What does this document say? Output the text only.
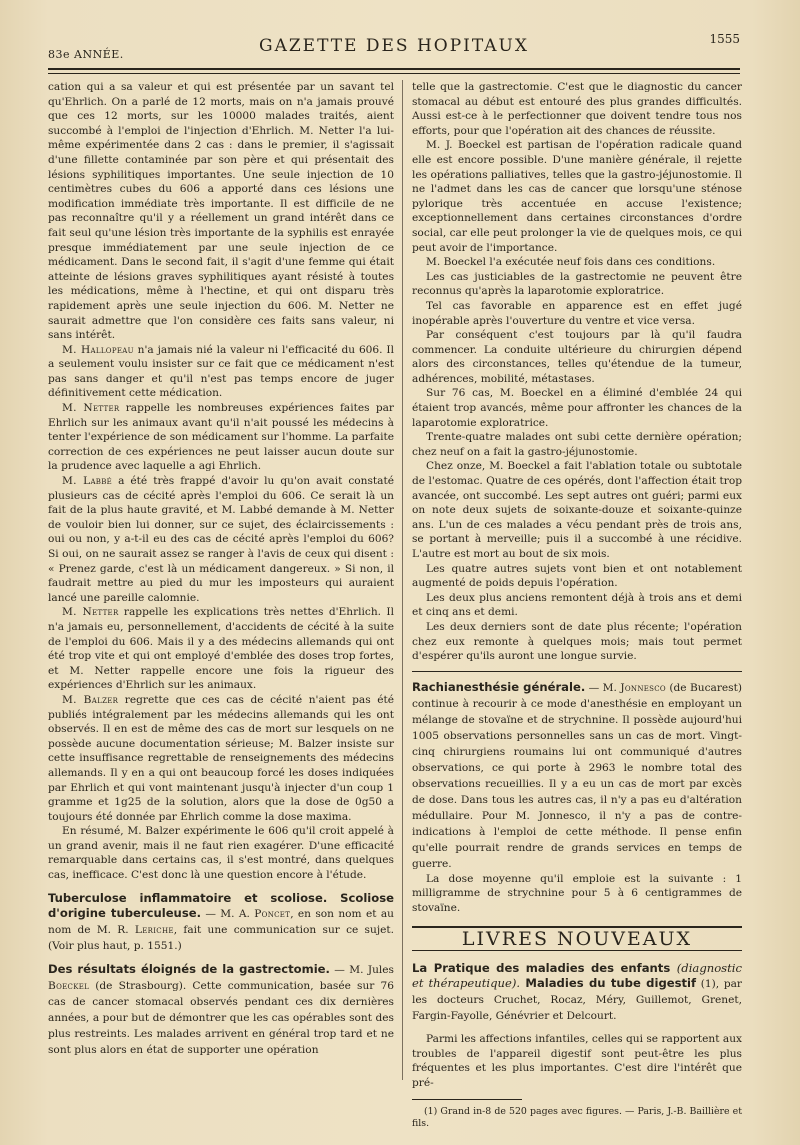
83e ANNÉE.	GAZETTE DES HOPITAUX	1555

cation qui a sa valeur et qui est présentée par un savant tel qu'Ehrlich. On a parlé de 12 morts, mais on n'a jamais prouvé que ces 12 morts, sur les 10000 malades traités, aient succombé à l'emploi de l'injection d'Ehrlich. M. Netter l'a lui-même expérimentée dans 2 cas : dans le premier, il s'agissait d'une fillette contaminée par son père et qui présentait des lésions syphilitiques importantes. Une seule injection de 10 centimètres cubes du 606 a apporté dans ces lésions une modification immédiate très importante. Il est difficile de ne pas reconnaître qu'il y a réellement un grand intérêt dans ce fait seul qu'une lésion très importante de la syphilis est enrayée presque immédiatement par une seule injection de ce médicament. Dans le second fait, il s'agit d'une femme qui était atteinte de lésions graves syphilitiques ayant résisté à toutes les médications, même à l'hectine, et qui ont disparu très rapidement après une seule injection du 606. M. Netter ne saurait admettre que l'on considère ces faits sans valeur, ni sans intérêt.

M. Hallopeau n'a jamais nié la valeur ni l'efficacité du 606. Il a seulement voulu insister sur ce fait que ce médicament n'est pas sans danger et qu'il n'est pas temps encore de juger définitivement cette médication.

M. Netter rappelle les nombreuses expériences faites par Ehrlich sur les animaux avant qu'il n'ait poussé les médecins à tenter l'expérience de son médicament sur l'homme. La parfaite correction de ces expériences ne peut laisser aucun doute sur la prudence avec laquelle a agi Ehrlich.

M. Labbé a été très frappé d'avoir lu qu'on avait constaté plusieurs cas de cécité après l'emploi du 606. Ce serait là un fait de la plus haute gravité, et M. Labbé demande à M. Netter de vouloir bien lui donner, sur ce sujet, des éclaircissements : oui ou non, y a-t-il eu des cas de cécité après l'emploi du 606? Si oui, on ne saurait assez se ranger à l'avis de ceux qui disent : « Prenez garde, c'est là un médicament dangereux. » Si non, il faudrait mettre au pied du mur les imposteurs qui auraient lancé une pareille calomnie.

M. Netter rappelle les explications très nettes d'Ehrlich. Il n'a jamais eu, personnellement, d'accidents de cécité à la suite de l'emploi du 606. Mais il y a des médecins allemands qui ont été trop vite et qui ont employé d'emblée des doses trop fortes, et M. Netter rappelle encore une fois la rigueur des expériences d'Ehrlich sur les animaux.

M. Balzer regrette que ces cas de cécité n'aient pas été publiés intégralement par les médecins allemands qui les ont observés. Il en est de même des cas de mort sur lesquels on ne possède aucune documentation sérieuse; M. Balzer insiste sur cette insuffisance regrettable de renseignements des médecins allemands. Il y en a qui ont beaucoup forcé les doses indiquées par Ehrlich et qui vont maintenant jusqu'à injecter d'un coup 1 gramme et 1g25 de la solution, alors que la dose de 0g50 a toujours été donnée par Ehrlich comme la dose maxima.

En résumé, M. Balzer expérimente le 606 qu'il croit appelé à un grand avenir, mais il ne faut rien exagérer. D'une efficacité remarquable dans certains cas, il s'est montré, dans quelques cas, inefficace. C'est donc là une question encore à l'étude.

Tuberculose inflammatoire et scoliose. Scoliose d'origine tuberculeuse. — M. A. Poncet, en son nom et au nom de M. R. Leriche, fait une communication sur ce sujet. (Voir plus haut, p. 1551.)
Des résultats éloignés de la gastrectomie. — M. Jules Boeckel (de Strasbourg). Cette communication, basée sur 76 cas de cancer stomacal observés pendant ces dix dernières années, a pour but de démontrer que les cas opérables sont des plus restreints. Les malades arrivent en général trop tard et ne sont plus alors en état de supporter une opération

telle que la gastrectomie. C'est que le diagnostic du cancer stomacal au début est entouré des plus grandes difficultés. Aussi est-ce à le perfectionner que doivent tendre tous nos efforts, pour que l'opération ait des chances de réussite.

M. J. Boeckel est partisan de l'opération radicale quand elle est encore possible. D'une manière générale, il rejette les opérations palliatives, telles que la gastro-jéjunostomie. Il ne l'admet dans les cas de cancer que lorsqu'une sténose pylorique très accentuée en accuse l'existence; exceptionnellement dans certaines circonstances d'ordre social, car elle peut prolonger la vie de quelques mois, ce qui peut avoir de l'importance.

M. Boeckel l'a exécutée neuf fois dans ces conditions.

Les cas justiciables de la gastrectomie ne peuvent être reconnus qu'après la laparotomie exploratrice.

Tel cas favorable en apparence est en effet jugé inopérable après l'ouverture du ventre et vice versa.

Par conséquent c'est toujours par là qu'il faudra commencer. La conduite ultérieure du chirurgien dépend alors des circonstances, telles qu'étendue de la tumeur, adhérences, mobilité, métastases.

Sur 76 cas, M. Boeckel en a éliminé d'emblée 24 qui étaient trop avancés, même pour affronter les chances de la laparotomie exploratrice.

Trente-quatre malades ont subi cette dernière opération; chez neuf on a fait la gastro-jéjunostomie.

Chez onze, M. Boeckel a fait l'ablation totale ou subtotale de l'estomac. Quatre de ces opérés, dont l'affection était trop avancée, ont succombé. Les sept autres ont guéri; parmi eux on note deux sujets de soixante-douze et soixante-quinze ans. L'un de ces malades a vécu pendant près de trois ans, se portant à merveille; puis il a succombé à une récidive. L'autre est mort au bout de six mois.

Les quatre autres sujets vont bien et ont notablement augmenté de poids depuis l'opération.

Les deux plus anciens remontent déjà à trois ans et demi et cinq ans et demi.

Les deux derniers sont de date plus récente; l'opération chez eux remonte à quelques mois; mais tout permet d'espérer qu'ils auront une longue survie.

Rachianesthésie générale. — M. Jonnesco (de Bucarest) continue à recourir à ce mode d'anesthésie en employant un mélange de stovaïne et de strychnine. Il possède aujourd'hui 1005 observations personnelles sans un cas de mort. Vingt-cinq chirurgiens roumains lui ont communiqué d'autres observations, ce qui porte à 2963 le nombre total des observations recueillies. Il y a eu un cas de mort par excès de dose. Dans tous les autres cas, il n'y a pas eu d'altération médullaire. Pour M. Jonnesco, il n'y a pas de contre-indications à l'emploi de cette méthode. Il pense enfin qu'elle pourrait rendre de grands services en temps de guerre.

La dose moyenne qu'il emploie est la suivante : 1 milligramme de strychnine pour 5 à 6 centigrammes de stovaïne.

LIVRES NOUVEAUX

La Pratique des maladies des enfants (diagnostic et thérapeutique). Maladies du tube digestif (1), par les docteurs Cruchet, Rocaz, Méry, Guillemot, Grenet, Fargin-Fayolle, Génévrier et Delcourt.

Parmi les affections infantiles, celles qui se rapportent aux troubles de l'appareil digestif sont peut-être les plus fréquentes et les plus importantes. C'est dire l'intérêt que pré-

(1) Grand in-8 de 520 pages avec figures. — Paris, J.-B. Baillière et fils.
